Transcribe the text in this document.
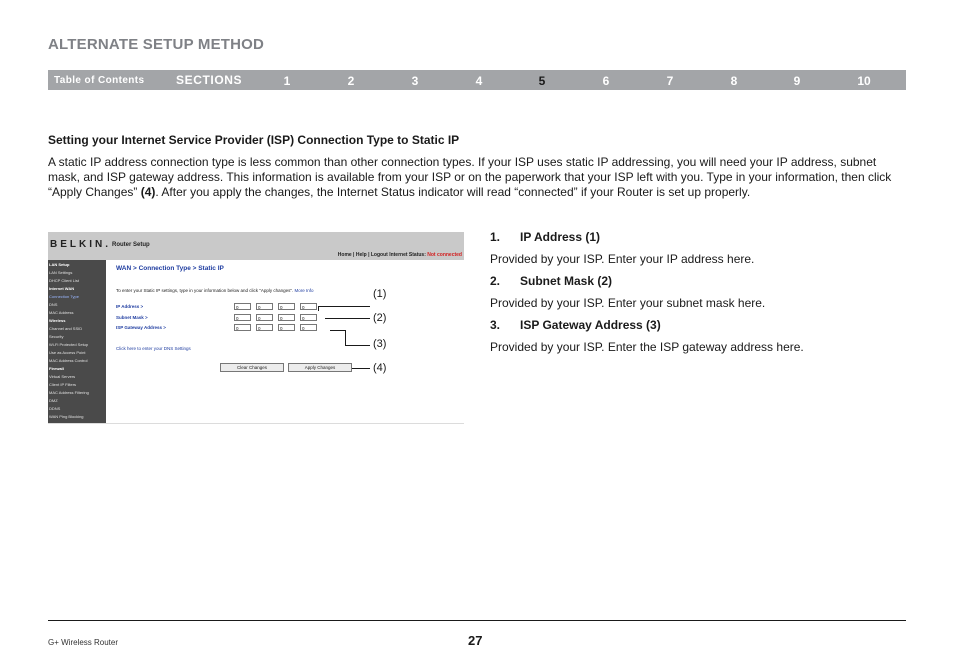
ALTERNATE SETUP METHOD
Table of Contents	SECTIONS	1	2	3	4	5	6	7	8	9	10
Setting your Internet Service Provider (ISP) Connection Type to Static IP

A static IP address connection type is less common than other connection types. If your ISP uses static IP addressing, you will need your IP address, subnet mask, and ISP gateway address. This information is available from your ISP or on the paperwork that your ISP left with you. Type in your information, then click “Apply Changes” (4). After you apply the changes, the Internet Status indicator will read “connected” if your Router is set up properly.

BELKIN. Router Setup
Home | Help | Logout Internet Status: Not connected
LAN Setup
LAN Settings
DHCP Client List
Internet WAN
Connection Type
DNS
MAC Address
Wireless
Channel and SSID
Security
Wi-Fi Protected Setup
Use as Access Point
MAC Address Control
Firewall
Virtual Servers
Client IP Filters
MAC Address Filtering
DMZ
DDNS
WAN Ping Blocking
WAN > Connection Type > Static IP
To enter your Static IP settings, type in your information below and click "Apply changes". More Info
IP Address >	0	0	0	0
Subnet Mask >	0	0	0	0
ISP Gateway Address >	0	0	0	0
Click here to enter your DNS Settings
Clear Changes	Apply Changes
(1)
(2)
(3)
(4)
1. IP Address (1)
Provided by your ISP. Enter your IP address here.
2. Subnet Mask (2)
Provided by your ISP. Enter your subnet mask here.
3. ISP Gateway Address (3)
Provided by your ISP. Enter the ISP gateway address here.
G+ Wireless Router	27
